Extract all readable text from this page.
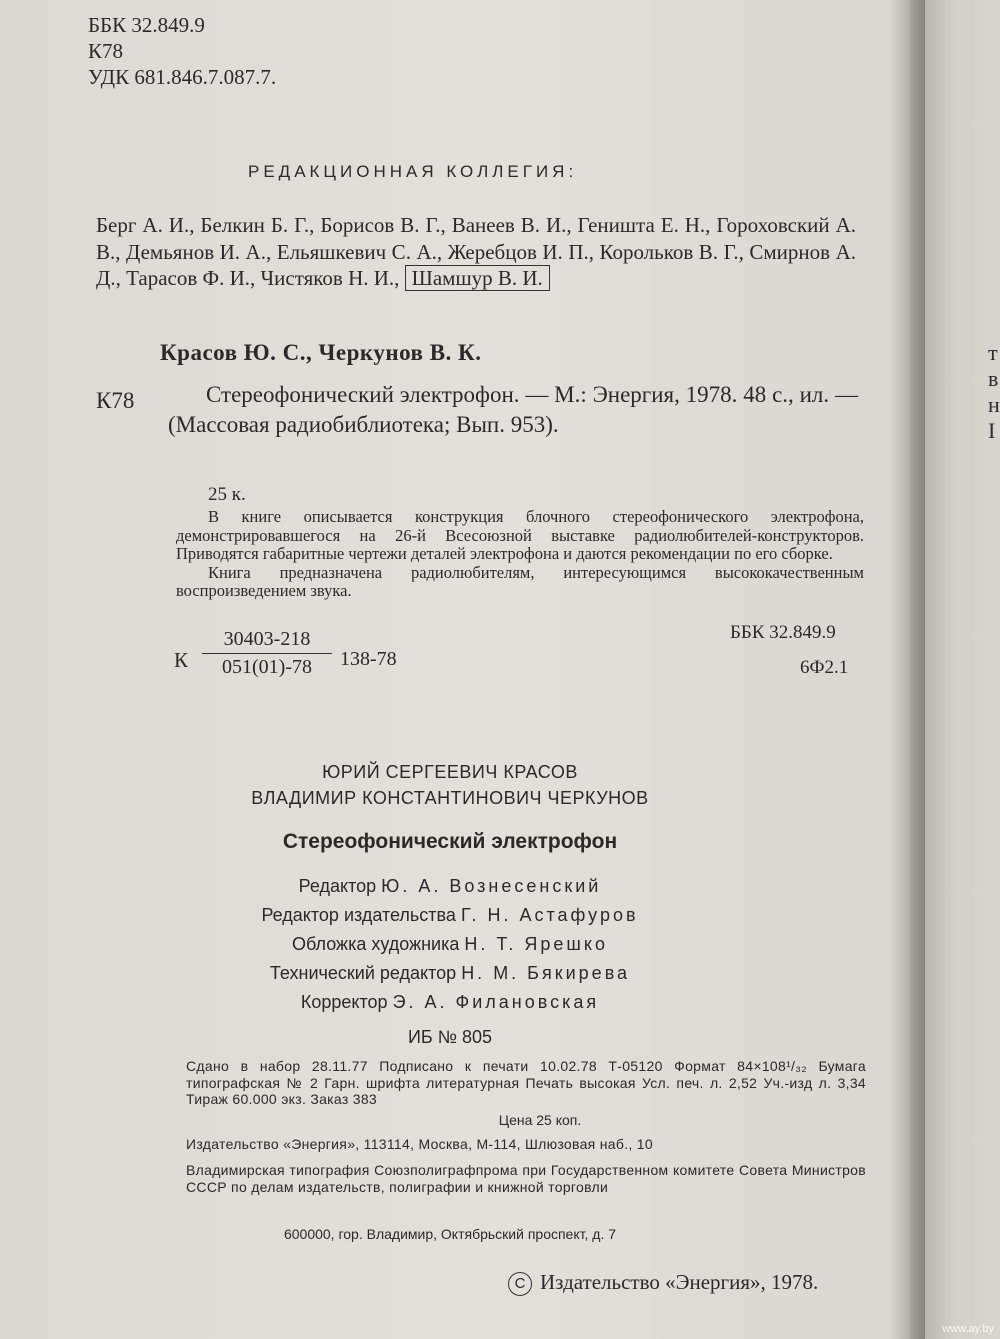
т
в
н
I
ББК 32.849.9
К78
УДК 681.846.7.087.7.
РЕДАКЦИОННАЯ КОЛЛЕГИЯ:
Берг А. И., Белкин Б. Г., Борисов В. Г., Ванеев В. И., Геништа Е. Н., Гороховский А. В., Демьянов И. А., Ельяшкевич С. А., Жеребцов И. П., Корольков В. Г., Смирнов А. Д., Тарасов Ф. И., Чистяков Н. И., Шамшур В. И.
Красов Ю. С., Черкунов В. К.
К78	Стереофонический электрофон. — М.: Энергия, 1978. 48 с., ил. — (Массовая радиобиблиотека; Вып. 953).
25 к.

В книге описывается конструкция блочного стереофонического электрофона, демонстрировавшегося на 26-й Всесоюзной выставке радиолюбителей-конструкторов. Приводятся габаритные чертежи деталей электрофона и даются рекомендации по его сборке.

Книга предназначена радиолюбителям, интересующимся высококачественным воспроизведением звука.

К $\frac{30403-218}{051(01)-78} 138-78$
ББК 32.849.9
6Ф2.1
ЮРИЙ СЕРГЕЕВИЧ КРАСОВ
ВЛАДИМИР КОНСТАНТИНОВИЧ ЧЕРКУНОВ
Стереофонический электрофон
Редактор Ю. А. Вознесенский
Редактор издательства Г. Н. Астафуров
Обложка художника Н. Т. Ярешко
Технический редактор Н. М. Бякирева
Корректор Э. А. Филановская
ИБ № 805
Сдано в набор 28.11.77 Подписано к печати 10.02.78 Т-05120 Формат 84×108¹/₃₂ Бумага типографская № 2 Гарн. шрифта литературная Печать высокая Усл. печ. л. 2,52 Уч.-изд л. 3,34 Тираж 60.000 экз. Заказ 383
Цена 25 коп.
Издательство «Энергия», 113114, Москва, М-114, Шлюзовая наб., 10
Владимирская типография Союзполиграфпрома при Государственном комитете Совета Министров СССР по делам издательств, полиграфии и книжной торговли
600000, гор. Владимир, Октябрьский проспект, д. 7
C Издательство «Энергия», 1978.
www.ay.by
